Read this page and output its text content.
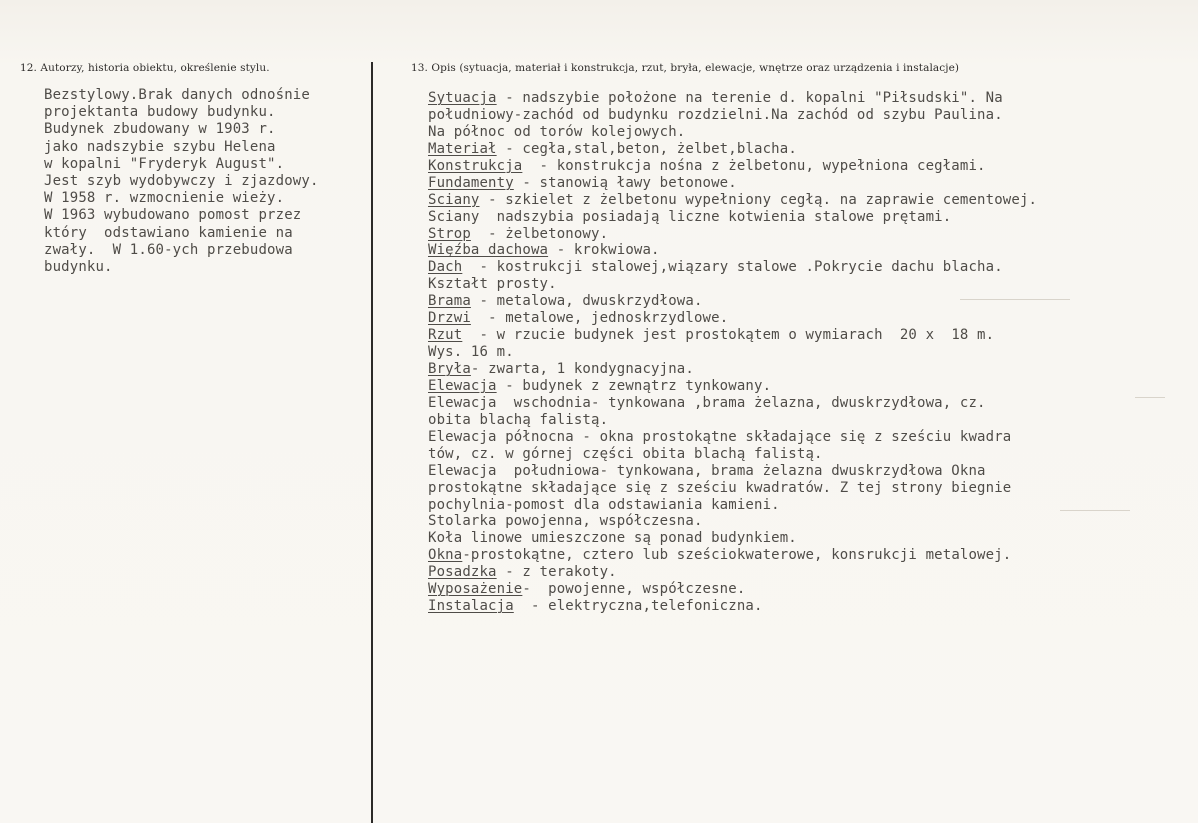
12. Autorzy, historia obiektu, określenie stylu.	13. Opis (sytuacja, materiał i konstrukcja, rzut, bryła, elewacje, wnętrze oraz urządzenia i instalacje)
Bezstylowy.Brak danych odnośnie
projektanta budowy budynku.
Budynek zbudowany w 1903 r.
jako nadszybie szybu Helena
w kopalni "Fryderyk August".
Jest szyb wydobywczy i zjazdowy.
W 1958 r. wzmocnienie wieży.
W 1963 wybudowano pomost przez
który  odstawiano kamienie na
zwały.  W 1.60-ych przebudowa
budynku.
Sytuacja - nadszybie położone na terenie d. kopalni "Piłsudski". Na
południowy-zachód od budynku rozdzielni.Na zachód od szybu Paulina.
Na północ od torów kolejowych.
Materiał - cegła,stal,beton, żelbet,blacha.
Konstrukcja  - konstrukcja nośna z żelbetonu, wypełniona cegłami.
Fundamenty - stanowią ławy betonowe.
Sciany - szkielet z żelbetonu wypełniony cegłą. na zaprawie cementowej.
Sciany  nadszybia posiadają liczne kotwienia stalowe prętami.
Strop  - żelbetonowy.
Więźba dachowa - krokwiowa.
Dach  - kostrukcji stalowej,wiązary stalowe .Pokrycie dachu blacha.
Kształt prosty.
Brama - metalowa, dwuskrzydłowa.
Drzwi  - metalowe, jednoskrzydlowe.
Rzut  - w rzucie budynek jest prostokątem o wymiarach  20 x  18 m.
Wys. 16 m.
Bryła- zwarta, 1 kondygnacyjna.
Elewacja - budynek z zewnątrz tynkowany.
Elewacja  wschodnia- tynkowana ,brama żelazna, dwuskrzydłowa, cz.
obita blachą falistą.
Elewacja północna - okna prostokątne składające się z sześciu kwadra
tów, cz. w górnej części obita blachą falistą.
Elewacja  południowa- tynkowana, brama żelazna dwuskrzydłowa Okna
prostokątne składające się z sześciu kwadratów. Z tej strony biegnie
pochylnia-pomost dla odstawiania kamieni.
Stolarka powojenna, współczesna.
Koła linowe umieszczone są ponad budynkiem.
Okna-prostokątne, cztero lub sześciokwaterowe, konsrukcji metalowej.
Posadzka - z terakoty.
Wyposażenie-  powojenne, współczesne.
Instalacja  - elektryczna,telefoniczna.
